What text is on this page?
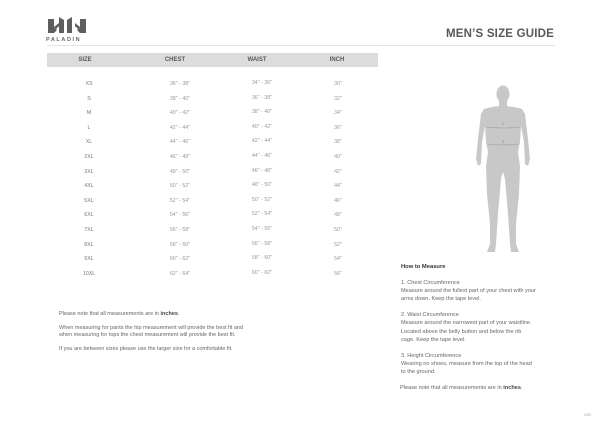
PALADIN	MEN’S SIZE GUIDE
SIZE	CHEST	WAIST	INCH
XS	36" - 38"	34" - 36"	30"
S	38" - 40"	36" - 38"	32"
M	40" - 42"	38" - 40"	34"
L	42" - 44"	40" - 42"	36"
XL	44" - 46"	42" - 44"	38"
2XL	46" - 48"	44" - 46"	40"
3XL	48" - 50"	46" - 48"	42"
4XL	50" - 52"	48" - 50"	44"
5XL	52" - 54"	50" - 52"	46"
6XL	54" - 56"	52" - 54"	48"
7XL	56" - 58"	54" - 56"	50"
8XL	58" - 60"	56" - 58"	52"
9XL	60" - 62"	58" - 60"	54"
10XL	62" - 64"	60" - 62"	56"

Please note that all measurements are in inches.

When measuring for pants the hip measurement will provide the best fit and
when measuring for tops the chest measurement will provide the best fit.

If you are between sizes please use the larger size for a comfortable fit.

1
2
How to Measure

1. Chest Circumference
Measure around the fullest part of your chest with your
arms down. Keep the tape level.

2. Waist Circumference
Measure around the narrowest part of your waistline.
Located above the belly button and below the rib
cage. Keep the tape level.

3. Height Circumference
Wearing no shoes, measure from the top of the head
to the ground.

Please note that all measurements are in inches.

V20
